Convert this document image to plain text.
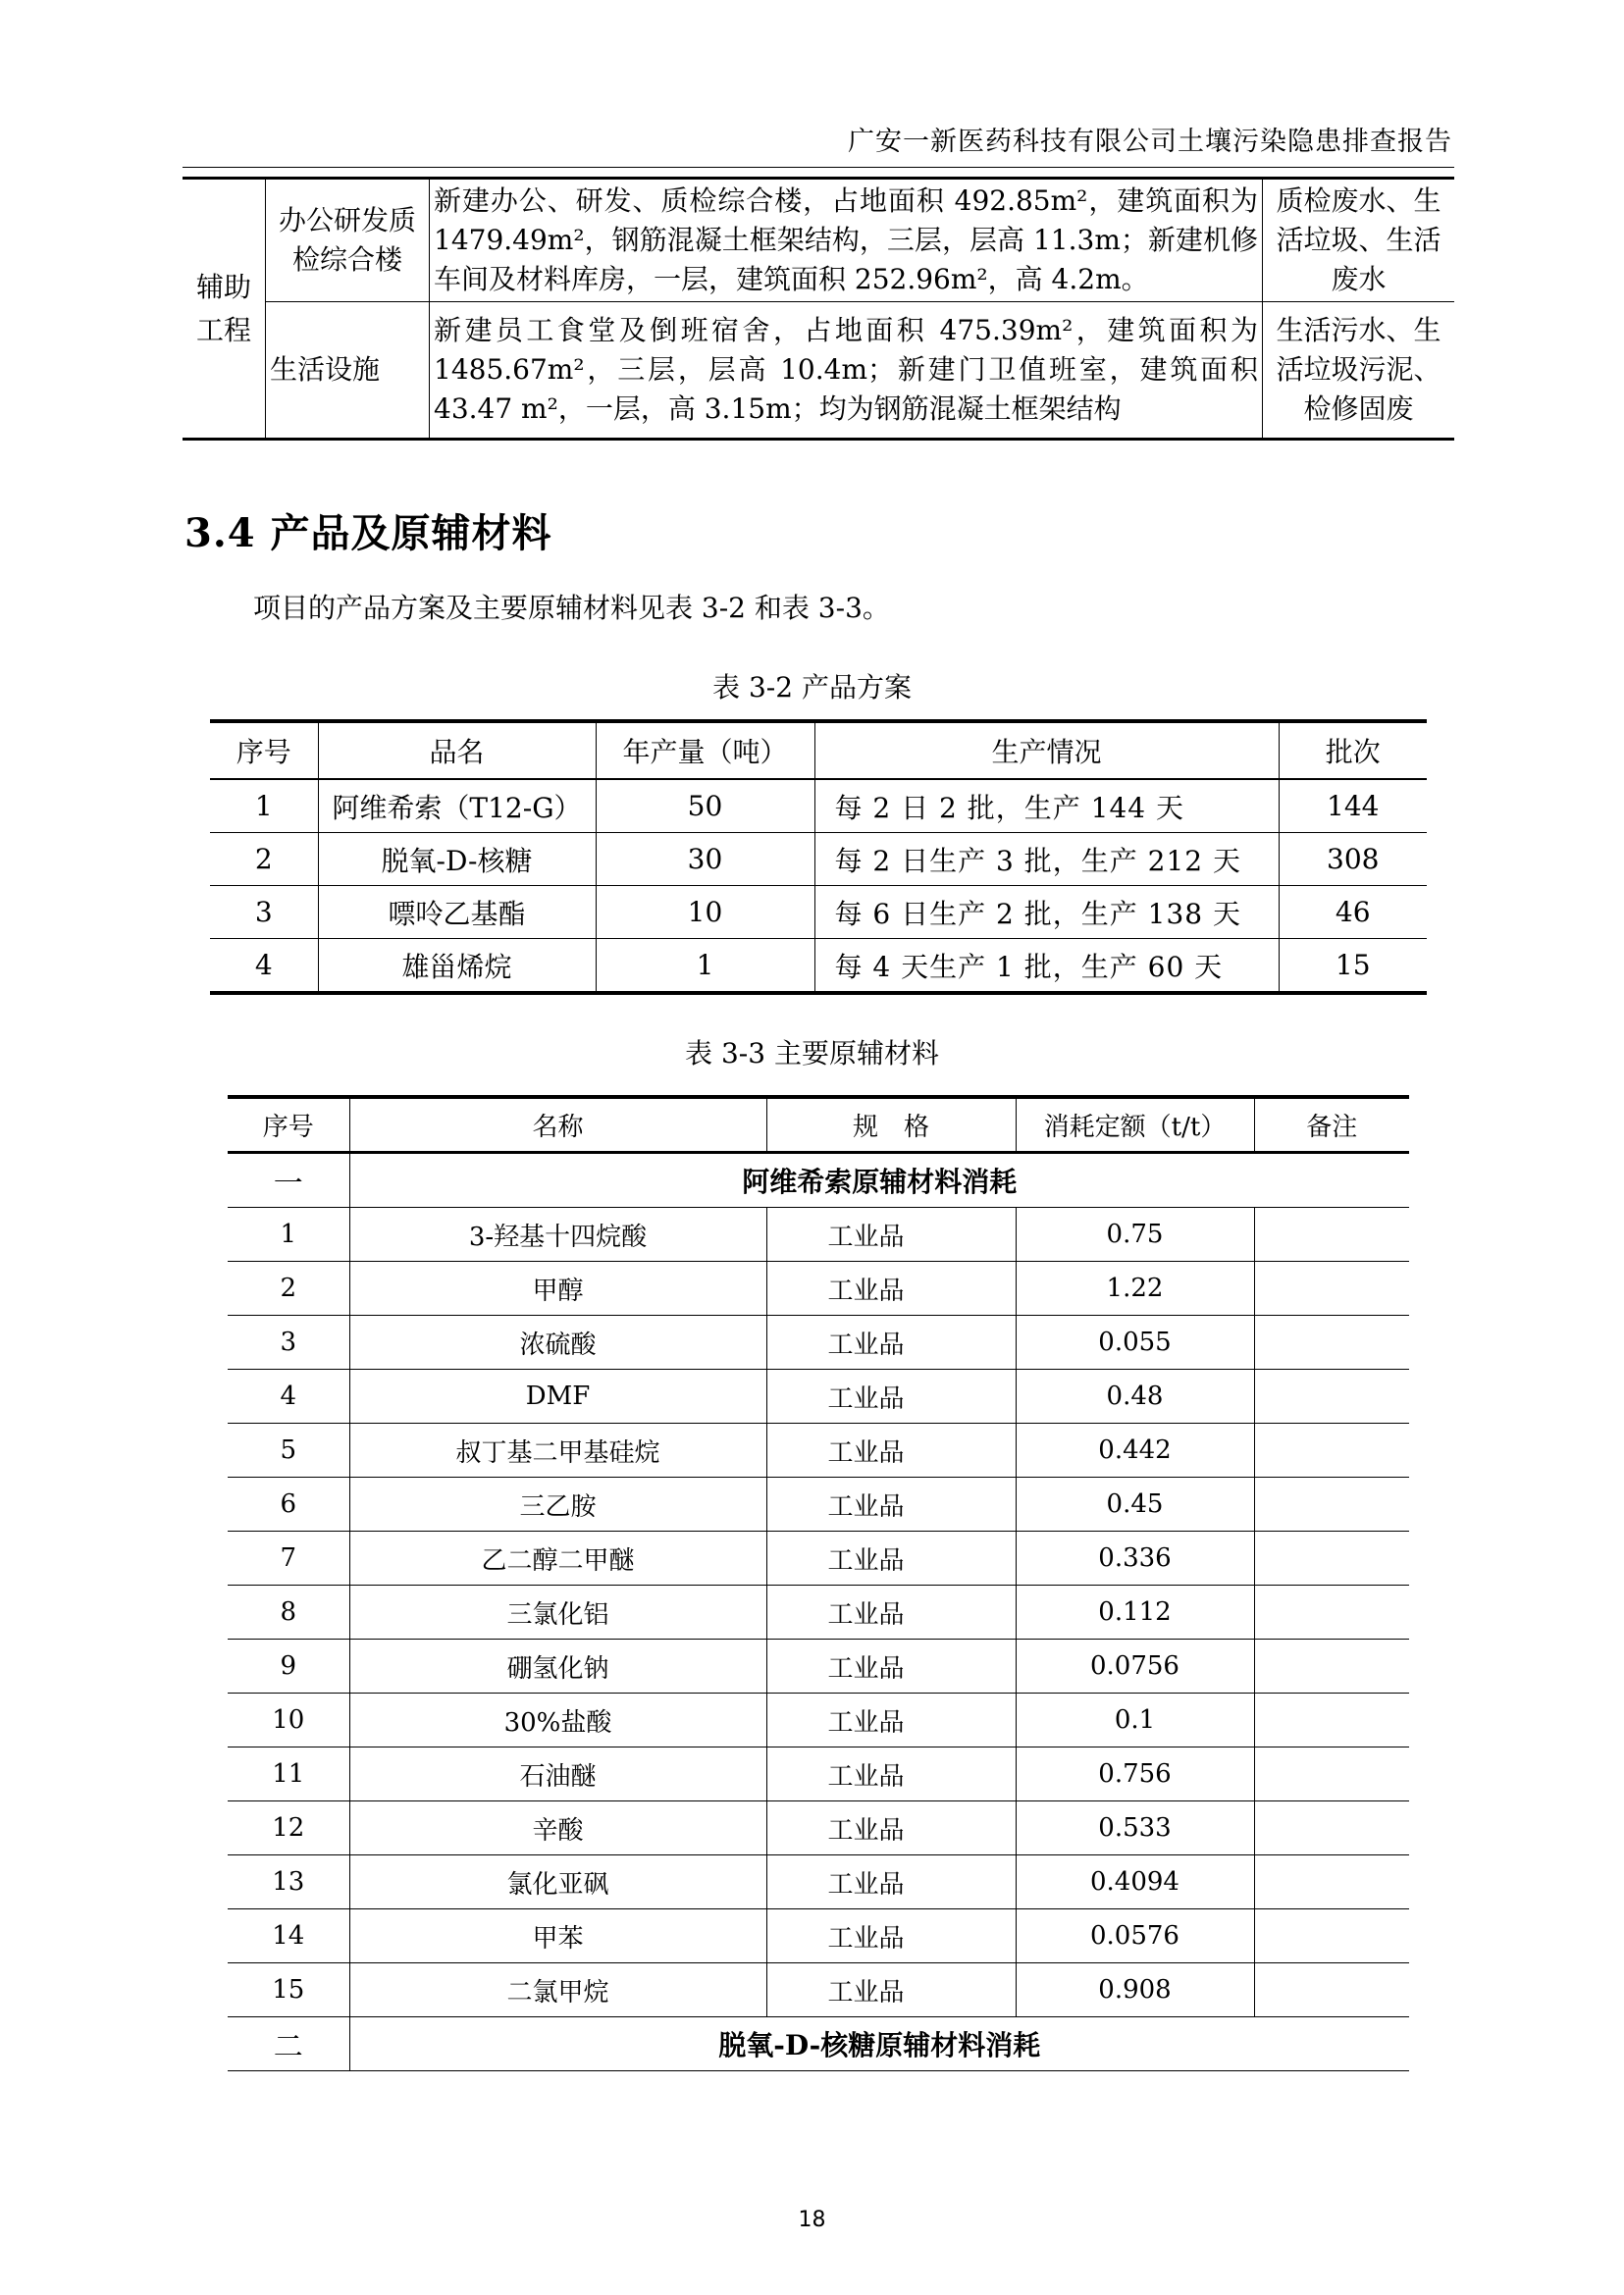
广安一新医药科技有限公司土壤污染隐患排查报告
辅助工程	办公研发质检综合楼	新建办公、研发、质检综合楼，占地面积 492.85m²，建筑面积为 1479.49m²，钢筋混凝土框架结构，三层，层高 11.3m；新建机修车间及材料库房，一层，建筑面积 252.96m²，高 4.2m。	质检废水、生活垃圾、生活废水
	生活设施	新建员工食堂及倒班宿舍，占地面积 475.39m²，建筑面积为 1485.67m²，三层，层高 10.4m；新建门卫值班室，建筑面积 43.47 m²，一层，高 3.15m；均为钢筋混凝土框架结构	生活污水、生活垃圾污泥、检修固废
3.4 产品及原辅材料
项目的产品方案及主要原辅材料见表 3-2 和表 3-3。
表 3-2 产品方案
序号	品名	年产量（吨）	生产情况	批次
1	阿维希索（T12-G）	50	每 2 日 2 批，生产 144 天	144
2	脱氧-D-核糖	30	每 2 日生产 3 批，生产 212 天	308
3	嘌呤乙基酯	10	每 6 日生产 2 批，生产 138 天	46
4	雄甾烯烷	1	每 4 天生产 1 批，生产 60 天	15
表 3-3 主要原辅材料
序号	名称	规　格	消耗定额（t/t）	备注
一	阿维希索原辅材料消耗			
1	3-羟基十四烷酸	工业品	0.75	
2	甲醇	工业品	1.22	
3	浓硫酸	工业品	0.055	
4	DMF	工业品	0.48	
5	叔丁基二甲基硅烷	工业品	0.442	
6	三乙胺	工业品	0.45	
7	乙二醇二甲醚	工业品	0.336	
8	三氯化铝	工业品	0.112	
9	硼氢化钠	工业品	0.0756	
10	30%盐酸	工业品	0.1	
11	石油醚	工业品	0.756	
12	辛酸	工业品	0.533	
13	氯化亚砜	工业品	0.4094	
14	甲苯	工业品	0.0576	
15	二氯甲烷	工业品	0.908	
二	脱氧-D-核糖原辅材料消耗			
18
